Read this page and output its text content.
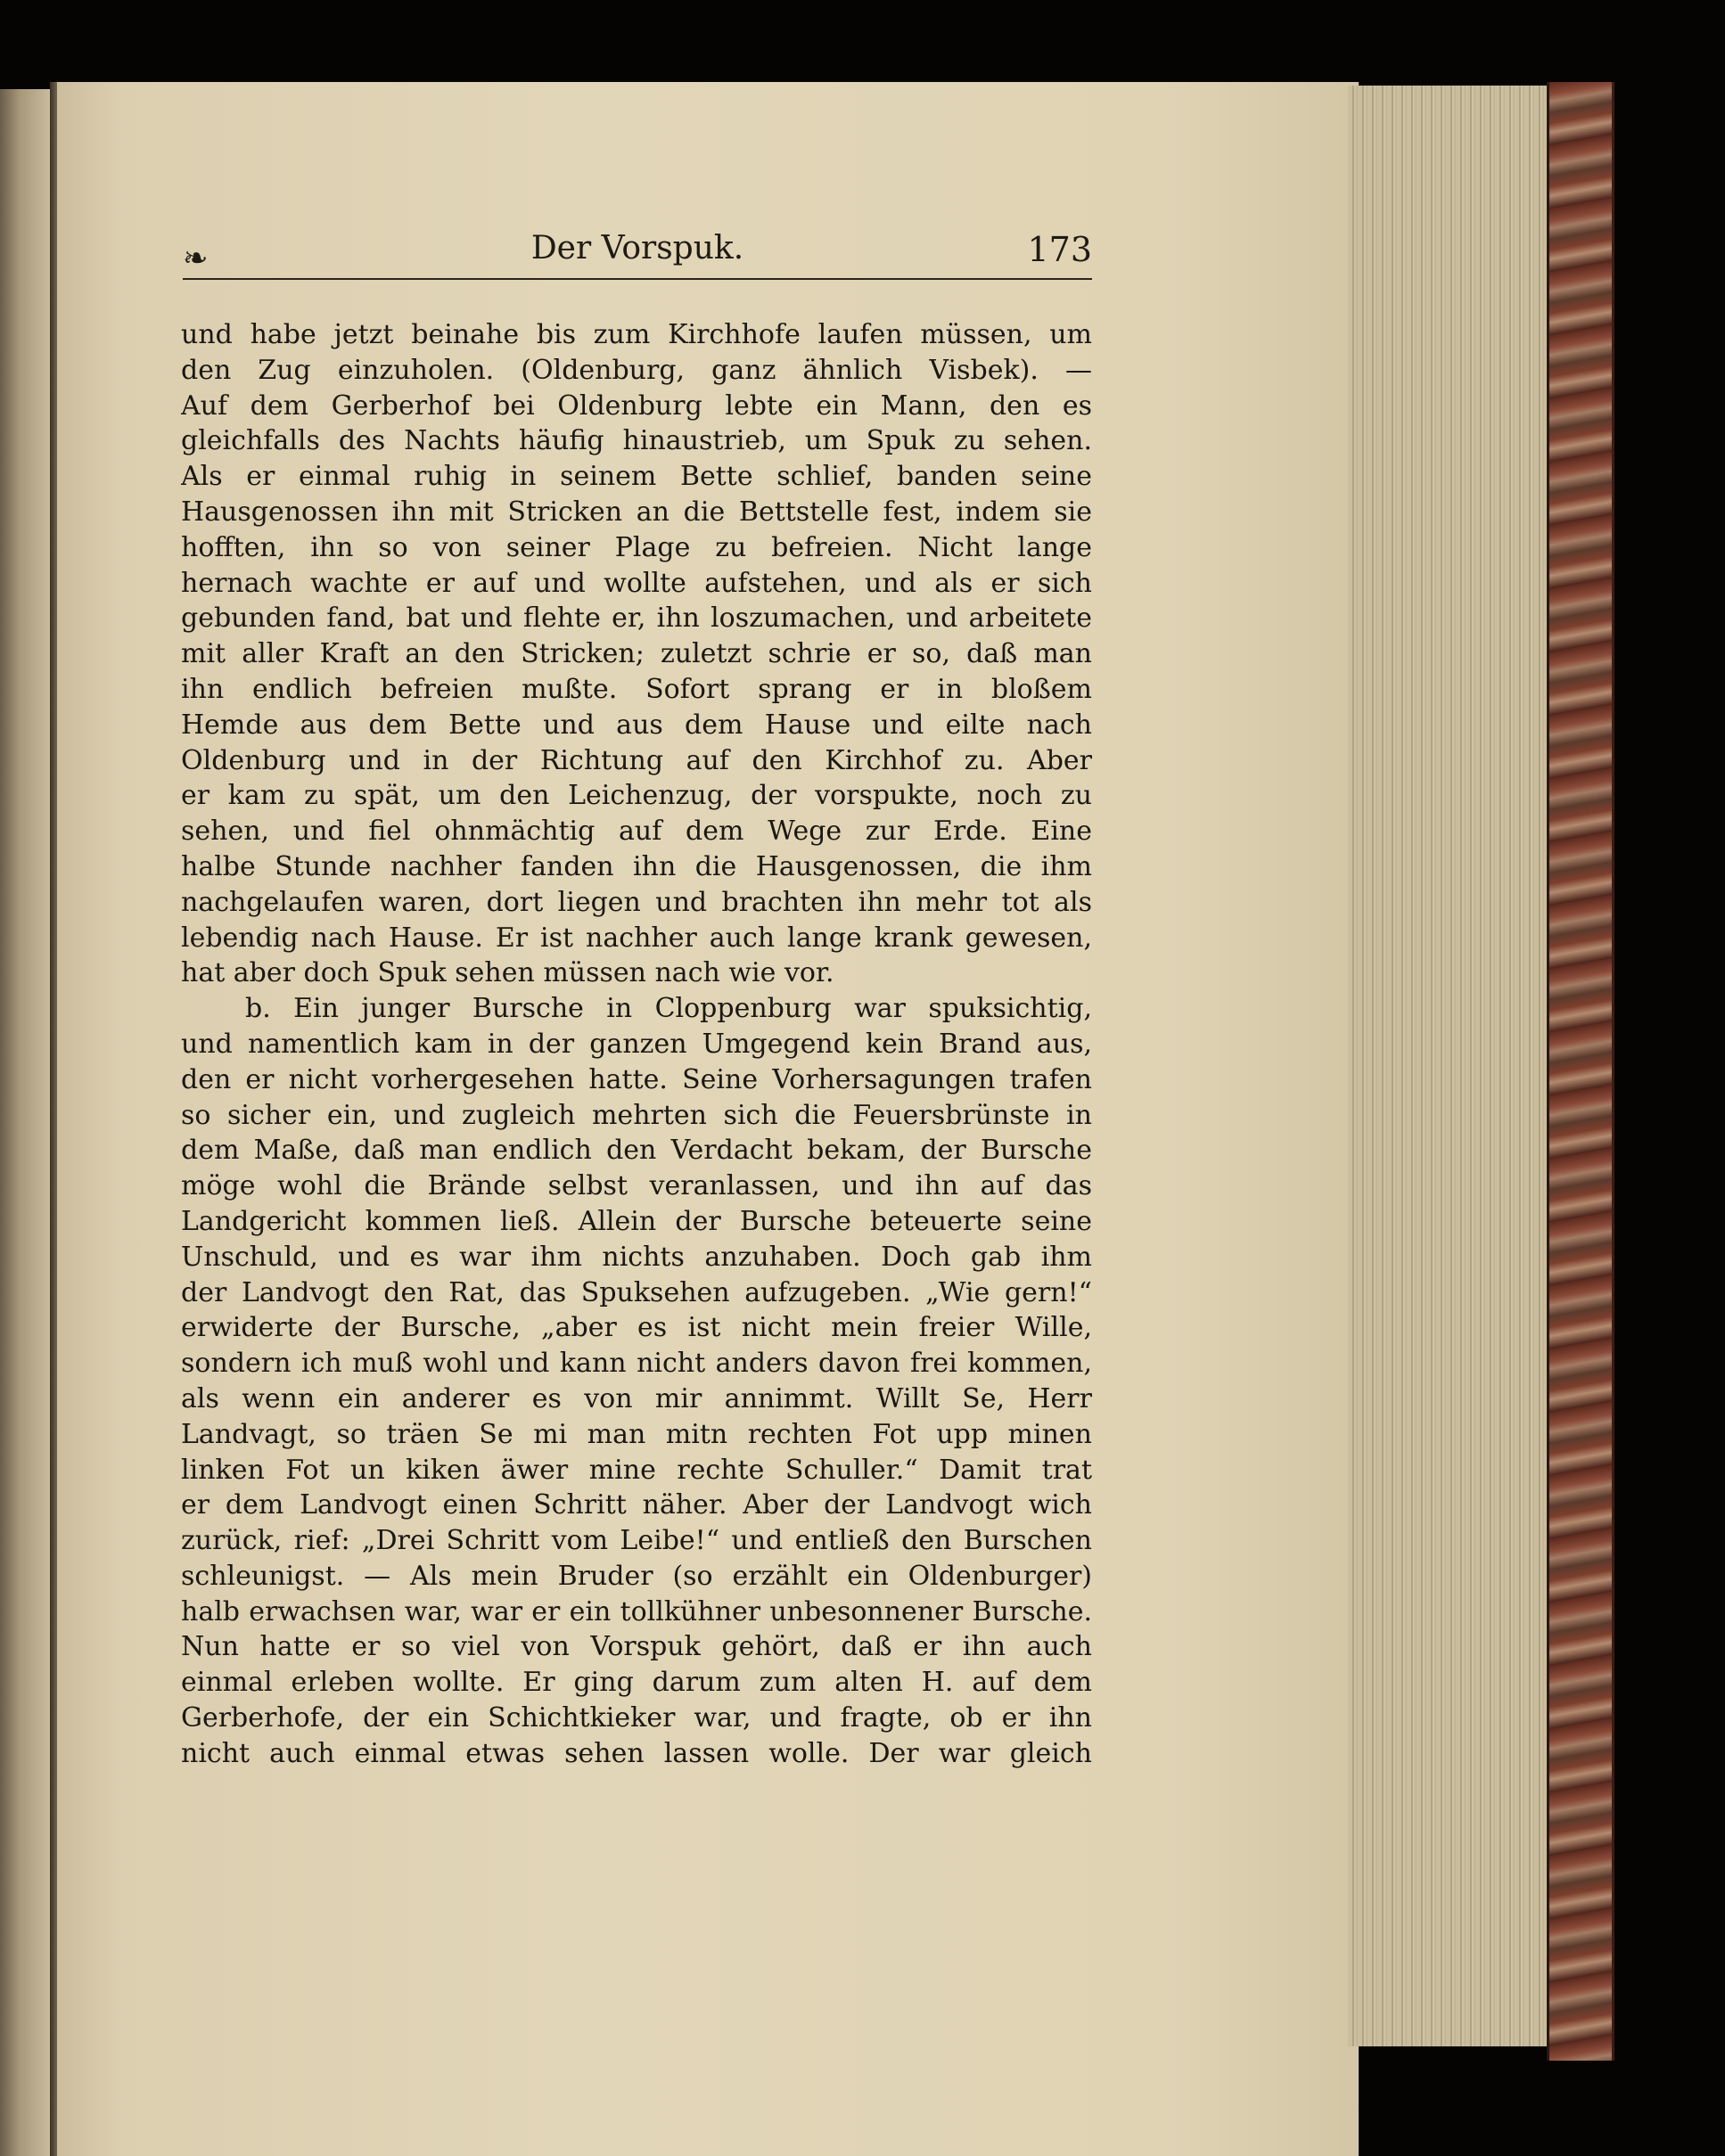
❧	Der Vorspuk.	173
und habe jetzt beinahe bis zum Kirchhofe laufen müssen, um
den Zug einzuholen. (Oldenburg, ganz ähnlich Visbek). —
Auf dem Gerberhof bei Oldenburg lebte ein Mann, den es
gleichfalls des Nachts häufig hinaustrieb, um Spuk zu sehen.
Als er einmal ruhig in seinem Bette schlief, banden seine
Hausgenossen ihn mit Stricken an die Bettstelle fest, indem sie
hofften, ihn so von seiner Plage zu befreien. Nicht lange
hernach wachte er auf und wollte aufstehen, und als er sich
gebunden fand, bat und flehte er, ihn loszumachen, und arbeitete
mit aller Kraft an den Stricken; zuletzt schrie er so, daß man
ihn endlich befreien mußte. Sofort sprang er in bloßem
Hemde aus dem Bette und aus dem Hause und eilte nach
Oldenburg und in der Richtung auf den Kirchhof zu. Aber
er kam zu spät, um den Leichenzug, der vorspukte, noch zu
sehen, und fiel ohnmächtig auf dem Wege zur Erde. Eine
halbe Stunde nachher fanden ihn die Hausgenossen, die ihm
nachgelaufen waren, dort liegen und brachten ihn mehr tot als
lebendig nach Hause. Er ist nachher auch lange krank gewesen,
hat aber doch Spuk sehen müssen nach wie vor.
b. Ein junger Bursche in Cloppenburg war spuksichtig,
und namentlich kam in der ganzen Umgegend kein Brand aus,
den er nicht vorhergesehen hatte. Seine Vorhersagungen trafen
so sicher ein, und zugleich mehrten sich die Feuersbrünste in
dem Maße, daß man endlich den Verdacht bekam, der Bursche
möge wohl die Brände selbst veranlassen, und ihn auf das
Landgericht kommen ließ. Allein der Bursche beteuerte seine
Unschuld, und es war ihm nichts anzuhaben. Doch gab ihm
der Landvogt den Rat, das Spuksehen aufzugeben. „Wie gern!“
erwiderte der Bursche, „aber es ist nicht mein freier Wille,
sondern ich muß wohl und kann nicht anders davon frei kommen,
als wenn ein anderer es von mir annimmt. Willt Se, Herr
Landvagt, so träen Se mi man mitn rechten Fot upp minen
linken Fot un kiken äwer mine rechte Schuller.“ Damit trat
er dem Landvogt einen Schritt näher. Aber der Landvogt wich
zurück, rief: „Drei Schritt vom Leibe!“ und entließ den Burschen
schleunigst. — Als mein Bruder (so erzählt ein Oldenburger)
halb erwachsen war, war er ein tollkühner unbesonnener Bursche.
Nun hatte er so viel von Vorspuk gehört, daß er ihn auch
einmal erleben wollte. Er ging darum zum alten H. auf dem
Gerberhofe, der ein Schichtkieker war, und fragte, ob er ihn
nicht auch einmal etwas sehen lassen wolle. Der war gleich
